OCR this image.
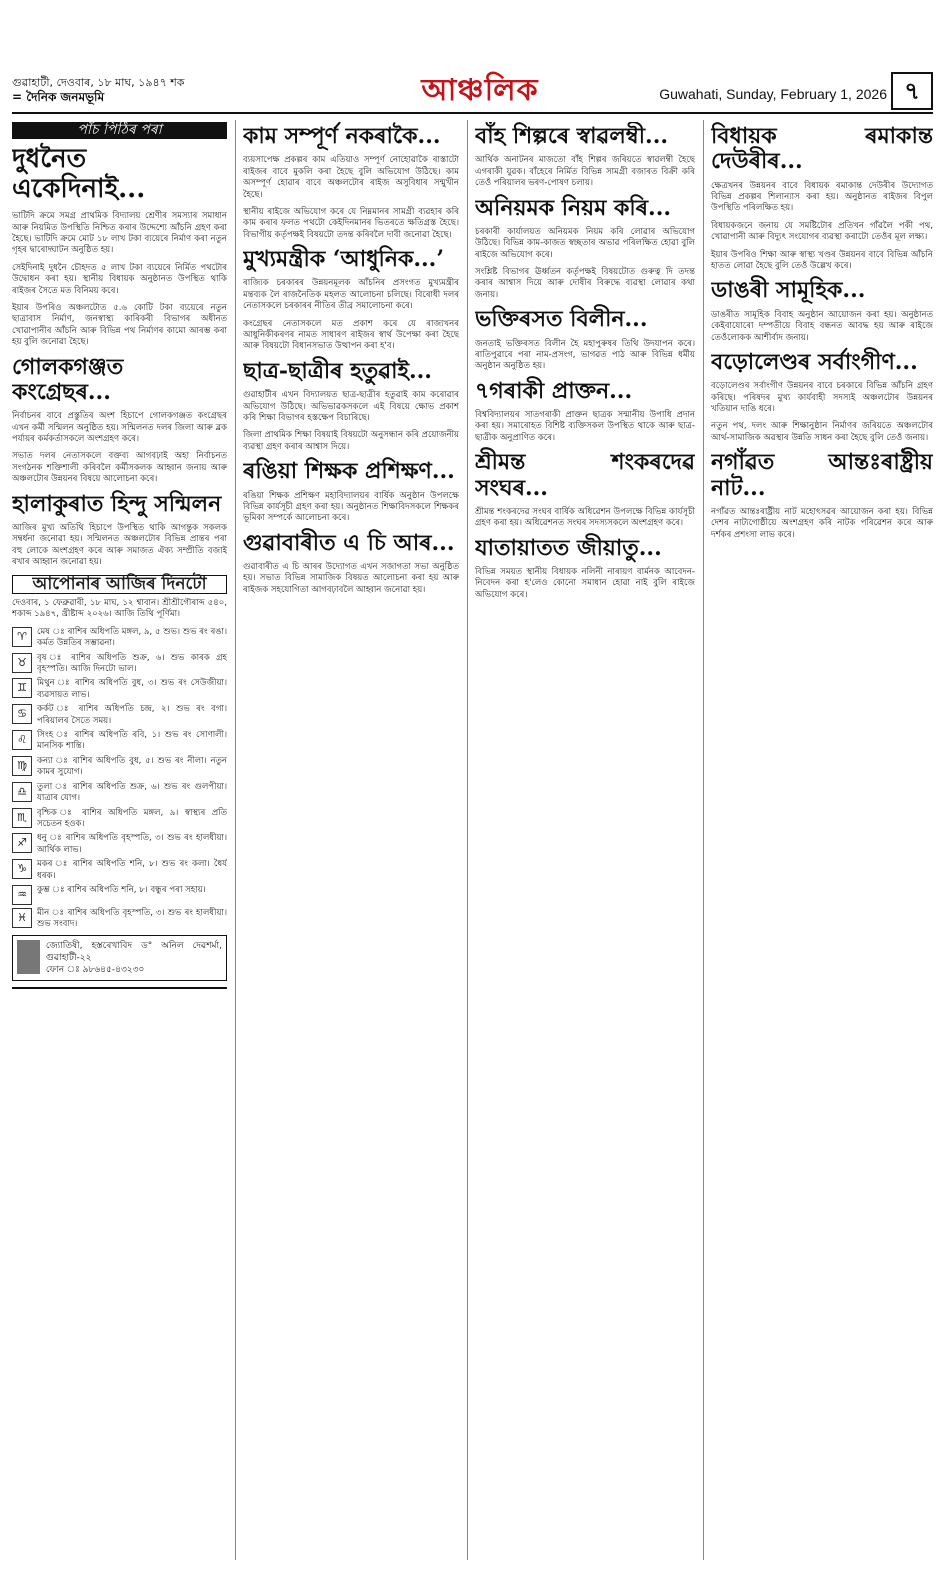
গুৱাহাটী, দেওবাৰ, ১৮ মাঘ, ১৯৪৭ শক
= দৈনিক জনমভূমি	আঞ্চলিক	Guwahati, Sunday, February 1, 2026 ৭
পাঁচ পিঠিৰ পৰা
দুধনৈত একেদিনাই...

ভাটিদি ক্ৰমে সমগ্ৰ প্ৰাথমিক বিদ্যালয় শ্ৰেণীৰ সমস্যাৰ সমাধান আৰু নিয়মিত উপস্থিতি নিশ্চিত কৰাৰ উদ্দেশ্যে আঁচনি গ্ৰহণ কৰা হৈছে। ভাটিদি ক্ৰমে মোট ১৮ লাখ টকা ব্যয়েৰে নিৰ্মাণ কৰা নতুন গৃহৰ দ্বাৰোদ্ঘাটন অনুষ্ঠিত হয়।

সেইদিনাই দুধনৈ চৌহদত ৫ লাখ টকা ব্যয়েৰে নিৰ্মিত পথটোৰ উদ্বোধন কৰা হয়। স্থানীয় বিধায়ক অনুষ্ঠানত উপস্থিত থাকি ৰাইজৰ সৈতে মত বিনিময় কৰে।

ইয়াৰ উপৰিও অঞ্চলটোত ৫.৬ কোটি টকা ব্যয়েৰে নতুন ছাত্ৰাবাস নিৰ্মাণ, জনস্বাস্থ্য কাৰিকৰী বিভাগৰ অধীনত খোৱাপানীৰ আঁচনি আৰু বিভিন্ন পথ নিৰ্মাণৰ কামো আৰম্ভ কৰা হয় বুলি জনোৱা হৈছে।

গোলকগঞ্জত কংগ্ৰেছৰ...

নিৰ্বাচনৰ বাবে প্ৰস্তুতিৰ অংশ হিচাপে গোলকগঞ্জত কংগ্ৰেছৰ এখন কৰ্মী সন্মিলন অনুষ্ঠিত হয়। সন্মিলনত দলৰ জিলা আৰু ব্লক পৰ্যায়ৰ কৰ্মকৰ্তাসকলে অংশগ্ৰহণ কৰে।

সভাত দলৰ নেতাসকলে বক্তব্য আগবঢ়াই অহা নিৰ্বাচনত সংগঠনক শক্তিশালী কৰিবলৈ কৰ্মীসকলক আহ্বান জনায় আৰু অঞ্চলটোৰ উন্নয়নৰ বিষয়ে আলোচনা কৰে।

হালাকুৰাত হিন্দু সন্মিলন

আজিৰ মুখ্য অতিথি হিচাপে উপস্থিত থাকি আগন্তুক সকলক সম্বৰ্ধনা জনোৱা হয়। সন্মিলনত অঞ্চলটোৰ বিভিন্ন প্ৰান্তৰ পৰা বহু লোকে অংশগ্ৰহণ কৰে আৰু সমাজত ঐক্য সম্প্ৰীতি বজাই ৰখাৰ আহ্বান জনোৱা হয়।

আপোনাৰ আজিৰ দিনটো

দেওবাৰ, ১ ফেব্ৰুৱাৰী, ১৮ মাঘ, ১২ শ্বাবান। শ্ৰীশ্ৰীগৌৰাব্দ ৫৪০, শকাব্দ ১৯৪৭, খ্ৰীষ্টাব্দ ২০২৬। আজি তিথি পূৰ্ণিমা।

♈	মেষ ঃ ৰাশিৰ অধিপতি মঙ্গল, ৯, ৫ শুভ। শুভ ৰং ৰঙা। কৰ্মত উন্নতিৰ সম্ভাৱনা।
♉	বৃষ ঃ ৰাশিৰ অধিপতি শুক্ৰ, ৬। শুভ কাৰক গ্ৰহ বৃহস্পতি। আজি দিনটো ভাল।
♊	মিথুন ঃ ৰাশিৰ অধিপতি বুধ, ৩। শুভ ৰং সেউজীয়া। ব্যৱসায়ত লাভ।
♋	কৰ্কট ঃ ৰাশিৰ অধিপতি চন্দ্ৰ, ২। শুভ ৰং বগা। পৰিয়ালৰ সৈতে সময়।
♌	সিংহ ঃ ৰাশিৰ অধিপতি ৰবি, ১। শুভ ৰং সোণালী। মানসিক শান্তি।
♍	কন্যা ঃ ৰাশিৰ অধিপতি বুধ, ৫। শুভ ৰং নীলা। নতুন কামৰ সুযোগ।
♎	তুলা ঃ ৰাশিৰ অধিপতি শুক্ৰ, ৬। শুভ ৰং গুলপীয়া। যাত্ৰাৰ যোগ।
♏	বৃশ্চিক ঃ ৰাশিৰ অধিপতি মঙ্গল, ৯। স্বাস্থ্যৰ প্ৰতি সচেতন হওক।
♐	ধনু ঃ ৰাশিৰ অধিপতি বৃহস্পতি, ৩। শুভ ৰং হালধীয়া। আৰ্থিক লাভ।
♑	মকৰ ঃ ৰাশিৰ অধিপতি শনি, ৮। শুভ ৰং কলা। ধৈৰ্য ধৰক।
♒	কুম্ভ ঃ ৰাশিৰ অধিপতি শনি, ৮। বন্ধুৰ পৰা সহায়।
♓	মীন ঃ ৰাশিৰ অধিপতি বৃহস্পতি, ৩। শুভ ৰং হালধীয়া। শুভ সংবাদ।
জ্যোতিষী, হস্তৰেখাবিদ ড° অনিল দেৱশৰ্মা, গুৱাহাটী-২২
ফোন ঃ ৯৮৬৪৫-৪৩২৩০
কাম সম্পূৰ্ণ নকৰাকৈ...

ব্যয়সাপেক্ষ প্ৰকল্পৰ কাম এতিয়াও সম্পূৰ্ণ নোহোৱাকৈ ৰাস্তাটো ৰাইজৰ বাবে মুকলি কৰা হৈছে বুলি অভিযোগ উঠিছে। কাম অসম্পূৰ্ণ হোৱাৰ বাবে অঞ্চলটোৰ ৰাইজ অসুবিধাৰ সন্মুখীন হৈছে।

স্থানীয় ৰাইজে অভিযোগ কৰে যে নিম্নমানৰ সামগ্ৰী ব্যৱহাৰ কৰি কাম কৰাৰ ফলত পথটো কেইদিনমানৰ ভিতৰতে ক্ষতিগ্ৰস্ত হৈছে। বিভাগীয় কৰ্তৃপক্ষই বিষয়টো তদন্ত কৰিবলৈ দাবী জনোৱা হৈছে।

মুখ্যমন্ত্ৰীক ‘আধুনিক...’

ৰাজ্যিক চৰকাৰৰ উন্নয়নমূলক আঁচনিৰ প্ৰসংগত মুখ্যমন্ত্ৰীৰ মন্তব্যক লৈ ৰাজনৈতিক মহলত আলোচনা চলিছে। বিৰোধী দলৰ নেতাসকলে চৰকাৰৰ নীতিৰ তীব্ৰ সমালোচনা কৰে।

কংগ্ৰেছৰ নেতাসকলে মত প্ৰকাশ কৰে যে ৰাজ্যখনৰ আধুনিকীকৰণৰ নামত সাধাৰণ ৰাইজৰ স্বাৰ্থ উপেক্ষা কৰা হৈছে আৰু বিষয়টো বিধানসভাত উত্থাপন কৰা হ'ব।

ছাত্ৰ-ছাত্ৰীৰ হতুৱাই...

গুৱাহাটীৰ এখন বিদ্যালয়ত ছাত্ৰ-ছাত্ৰীৰ হতুৱাই কাম কৰোৱাৰ অভিযোগ উঠিছে। অভিভাৱকসকলে এই বিষয়ে ক্ষোভ প্ৰকাশ কৰি শিক্ষা বিভাগৰ হস্তক্ষেপ বিচাৰিছে।

জিলা প্ৰাথমিক শিক্ষা বিষয়াই বিষয়টো অনুসন্ধান কৰি প্ৰয়োজনীয় ব্যৱস্থা গ্ৰহণ কৰাৰ আশ্বাস দিয়ে।

ৰঙিয়া শিক্ষক প্ৰশিক্ষণ...

ৰঙিয়া শিক্ষক প্ৰশিক্ষণ মহাবিদ্যালয়ৰ বাৰ্ষিক অনুষ্ঠান উপলক্ষে বিভিন্ন কাৰ্যসূচী গ্ৰহণ কৰা হয়। অনুষ্ঠানত শিক্ষাবিদসকলে শিক্ষকৰ ভূমিকা সম্পৰ্কে আলোচনা কৰে।

গুৱাবাৰীত এ চি আৰ...

গুৱাবাৰীত এ চি আৰৰ উদ্যোগত এখন সজাগতা সভা অনুষ্ঠিত হয়। সভাত বিভিন্ন সামাজিক বিষয়ত আলোচনা কৰা হয় আৰু ৰাইজক সহযোগিতা আগবঢ়াবলৈ আহ্বান জনোৱা হয়।

বাঁহ শিল্পৰে স্বাৱলম্বী...

আৰ্থিক অনাটনৰ মাজতো বাঁহ শিল্পৰ জৰিয়তে স্বাৱলম্বী হৈছে এগৰাকী যুৱক। বাঁহেৰে নিৰ্মিত বিভিন্ন সামগ্ৰী বজাৰত বিক্ৰী কৰি তেওঁ পৰিয়ালৰ ভৰণ-পোষণ চলায়।

অনিয়মক নিয়ম কৰি...

চৰকাৰী কাৰ্যালয়ত অনিয়মক নিয়ম কৰি লোৱাৰ অভিযোগ উঠিছে। বিভিন্ন কাম-কাজত স্বচ্ছতাৰ অভাৱ পৰিলক্ষিত হোৱা বুলি ৰাইজে অভিযোগ কৰে।

সংশ্লিষ্ট বিভাগৰ ঊৰ্ধ্বতন কৰ্তৃপক্ষই বিষয়টোত গুৰুত্ব দি তদন্ত কৰাৰ আশ্বাস দিয়ে আৰু দোষীৰ বিৰুদ্ধে ব্যৱস্থা লোৱাৰ কথা জনায়।

ভক্তিৰসত বিলীন...

জনতাই ভক্তিৰসত বিলীন হৈ মহাপুৰুষৰ তিথি উদযাপন কৰে। ৰাতিপুৱাৰে পৰা নাম-প্ৰসংগ, ভাগৱত পাঠ আৰু বিভিন্ন ধৰ্মীয় অনুষ্ঠান অনুষ্ঠিত হয়।

৭গৰাকী প্ৰাক্তন...

বিশ্ববিদ্যালয়ৰ সাতগৰাকী প্ৰাক্তন ছাত্ৰক সন্মানীয় উপাধি প্ৰদান কৰা হয়। সমাৰোহত বিশিষ্ট ব্যক্তিসকল উপস্থিত থাকে আৰু ছাত্ৰ-ছাত্ৰীক অনুপ্ৰাণিত কৰে।

শ্ৰীমন্ত শংকৰদেৱ সংঘৰ...

শ্ৰীমন্ত শংকৰদেৱ সংঘৰ বাৰ্ষিক অধিৱেশন উপলক্ষে বিভিন্ন কাৰ্যসূচী গ্ৰহণ কৰা হয়। অধিৱেশনত সংঘৰ সদস্যসকলে অংশগ্ৰহণ কৰে।

যাতায়াতত জীয়াতু...

বিভিন্ন সময়ত স্থানীয় বিধায়ক নলিনী নাৰায়ণ বাৰ্মনক আবেদন-নিবেদন কৰা হ'লেও কোনো সমাধান হোৱা নাই বুলি ৰাইজে অভিযোগ কৰে।

বিধায়ক ৰমাকান্ত দেউৰীৰ...

ক্ষেত্ৰখনৰ উন্নয়নৰ বাবে বিধায়ক ৰমাকান্ত দেউৰীৰ উদ্যোগত বিভিন্ন প্ৰকল্পৰ শিলান্যাস কৰা হয়। অনুষ্ঠানত ৰাইজৰ বিপুল উপস্থিতি পৰিলক্ষিত হয়।

বিধায়কজনে জনায় যে সমষ্টিটোৰ প্ৰতিখন গাঁৱলৈ পকী পথ, খোৱাপানী আৰু বিদ্যুৎ সংযোগৰ ব্যৱস্থা কৰাটো তেওঁৰ মূল লক্ষ্য।

ইয়াৰ উপৰিও শিক্ষা আৰু স্বাস্থ্য খণ্ডৰ উন্নয়নৰ বাবে বিভিন্ন আঁচনি হাতত লোৱা হৈছে বুলি তেওঁ উল্লেখ কৰে।

ডাঙৰী সামূহিক...

ডাঙৰীত সামূহিক বিবাহ অনুষ্ঠান আয়োজন কৰা হয়। অনুষ্ঠানত কেইবাযোৰো দম্পতীয়ে বিবাহ বন্ধনত আবদ্ধ হয় আৰু ৰাইজে তেওঁলোকক আশীৰ্বাদ জনায়।

বড়োলেণ্ডৰ সৰ্বাংগীণ...

বড়োলেণ্ডৰ সৰ্বাংগীণ উন্নয়নৰ বাবে চৰকাৰে বিভিন্ন আঁচনি গ্ৰহণ কৰিছে। পৰিষদৰ মুখ্য কাৰ্যবাহী সদস্যই অঞ্চলটোৰ উন্নয়নৰ খতিয়ান দাঙি ধৰে।

নতুন পথ, দলং আৰু শিক্ষানুষ্ঠান নিৰ্মাণৰ জৰিয়তে অঞ্চলটোৰ আৰ্থ-সামাজিক অৱস্থাৰ উন্নতি সাধন কৰা হৈছে বুলি তেওঁ জনায়।

নগাঁৱত আন্তঃৰাষ্ট্ৰীয় নাট...

নগাঁৱত আন্তঃৰাষ্ট্ৰীয় নাট মহোৎসৱৰ আয়োজন কৰা হয়। বিভিন্ন দেশৰ নাট্যগোষ্ঠীয়ে অংশগ্ৰহণ কৰি নাটক পৰিৱেশন কৰে আৰু দৰ্শকৰ প্ৰশংসা লাভ কৰে।
